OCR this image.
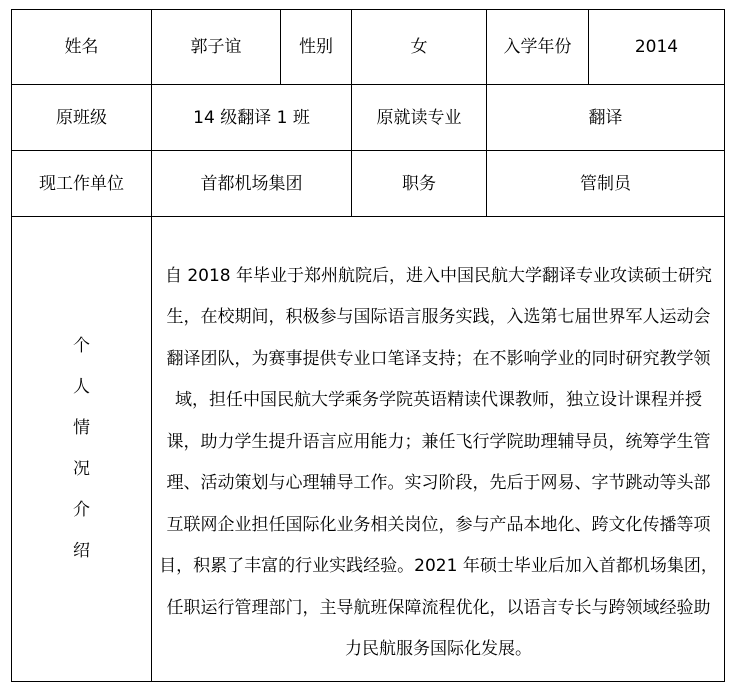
姓名	郭子谊	性别	女	入学年份	2014
原班级	14 级翻译 1 班		原就读专业	翻译	
现工作单位	首都机场集团		职务	管制员	
个人情况介绍	自 2018 年毕业于郑州航院后，进入中国民航大学翻译专业攻读硕士研究生，在校期间，积极参与国际语言服务实践，入选第七届世界军人运动会翻译团队，为赛事提供专业口笔译支持；在不影响学业的同时研究教学领域，担任中国民航大学乘务学院英语精读代课教师，独立设计课程并授课，助力学生提升语言应用能力；兼任飞行学院助理辅导员，统筹学生管理、活动策划与心理辅导工作。实习阶段，先后于网易、字节跳动等头部互联网企业担任国际化业务相关岗位，参与产品本地化、跨文化传播等项目，积累了丰富的行业实践经验。2021 年硕士毕业后加入首都机场集团，任职运行管理部门，主导航班保障流程优化，以语言专长与跨领域经验助力民航服务国际化发展。				
